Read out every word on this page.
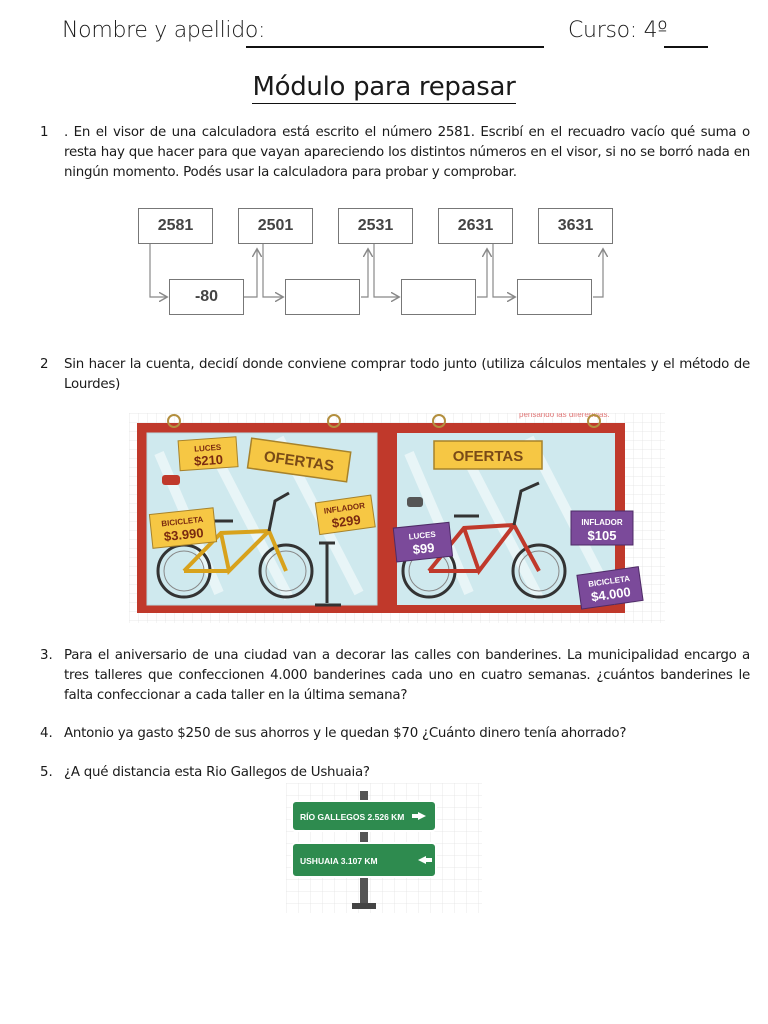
Nombre y apellido:	Curso: 4º
Módulo para repasar
1	. En el visor de una calculadora está escrito el número 2581. Escribí en el recuadro vacío qué suma o resta hay que hacer para que vayan apareciendo los distintos números en el visor, si no se borró nada en ningún momento. Podés usar la calculadora para probar y comprobar.
2581	2501	2531	2631	3631
-80
2	Sin hacer la cuenta, decidí donde conviene comprar todo junto (utiliza cálculos mentales y el método de Lourdes)
pensando las diferencias.
OFERTAS	OFERTAS
LUCES
$210
INFLADOR
$299
BICICLETA
$3.990	LUCES
$99
INFLADOR
$105
BICICLETA
$4.000
3. Para el aniversario de una ciudad van a decorar las calles con banderines. La municipalidad encargo a tres talleres que confeccionen 4.000 banderines cada uno en cuatro semanas. ¿cuántos banderines le falta confeccionar a cada taller en la última semana?
4. Antonio ya gasto $250 de sus ahorros y le quedan $70 ¿Cuánto dinero tenía ahorrado?
5. ¿A qué distancia esta Rio Gallegos de Ushuaia?
RÍO GALLEGOS 2.526 KM
USHUAIA 3.107 KM
